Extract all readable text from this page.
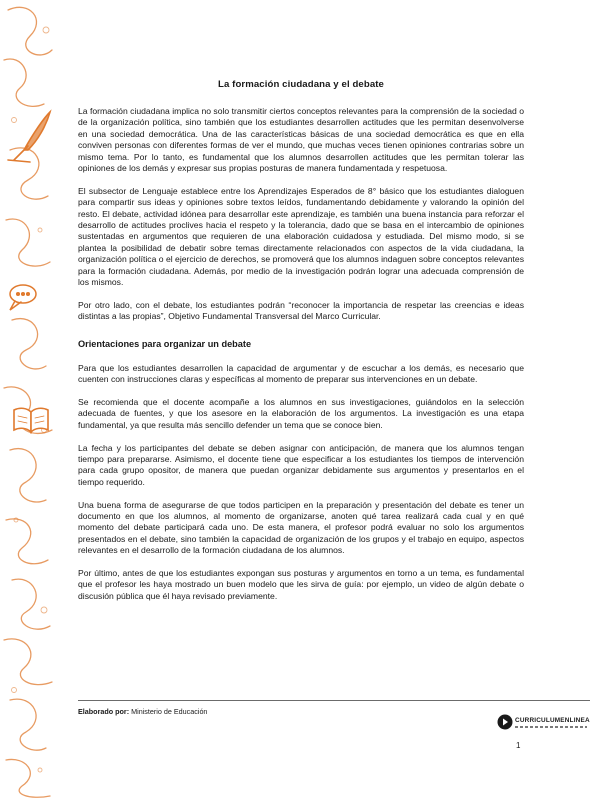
La formación ciudadana y el debate

La formación ciudadana implica no solo transmitir ciertos conceptos relevantes para la comprensión de la sociedad o de la organización política, sino también que los estudiantes desarrollen actitudes que les permitan desenvolverse en una sociedad democrática. Una de las características básicas de una sociedad democrática es que en ella conviven personas con diferentes formas de ver el mundo, que muchas veces tienen opiniones contrarias sobre un mismo tema. Por lo tanto, es fundamental que los alumnos desarrollen actitudes que les permitan tolerar las opiniones de los demás y expresar sus propias posturas de manera fundamentada y respetuosa.

El subsector de Lenguaje establece entre los Aprendizajes Esperados de 8° básico que los estudiantes dialoguen para compartir sus ideas y opiniones sobre textos leídos, fundamentando debidamente y valorando la opinión del resto. El debate, actividad idónea para desarrollar este aprendizaje, es también una buena instancia para reforzar el desarrollo de actitudes proclives hacia el respeto y la tolerancia, dado que se basa en el intercambio de opiniones sustentadas en argumentos que requieren de una elaboración cuidadosa y estudiada. Del mismo modo, si se plantea la posibilidad de debatir sobre temas directamente relacionados con aspectos de la vida ciudadana, la organización política o el ejercicio de derechos, se promoverá que los alumnos indaguen sobre conceptos relevantes para la formación ciudadana. Además, por medio de la investigación podrán lograr una adecuada comprensión de los mismos.

Por otro lado, con el debate, los estudiantes podrán “reconocer la importancia de respetar las creencias e ideas distintas a las propias”, Objetivo Fundamental Transversal del Marco Curricular.

Orientaciones para organizar un debate

Para que los estudiantes desarrollen la capacidad de argumentar y de escuchar a los demás, es necesario que cuenten con instrucciones claras y específicas al momento de preparar sus intervenciones en un debate.

Se recomienda que el docente acompañe a los alumnos en sus investigaciones, guiándolos en la selección adecuada de fuentes, y que los asesore en la elaboración de los argumentos. La investigación es una etapa fundamental, ya que resulta más sencillo defender un tema que se conoce bien.

La fecha y los participantes del debate se deben asignar con anticipación, de manera que los alumnos tengan tiempo para prepararse. Asimismo, el docente tiene que especificar a los estudiantes los tiempos de intervención para cada grupo opositor, de manera que puedan organizar debidamente sus argumentos y presentarlos en el tiempo requerido.

Una buena forma de asegurarse de que todos participen en la preparación y presentación del debate es tener un documento en que los alumnos, al momento de organizarse, anoten qué tarea realizará cada cual y en qué momento del debate participará cada uno. De esta manera, el profesor podrá evaluar no solo los argumentos presentados en el debate, sino también la capacidad de organización de los grupos y el trabajo en equipo, aspectos relevantes en el desarrollo de la formación ciudadana de los alumnos.

Por último, antes de que los estudiantes expongan sus posturas y argumentos en torno a un tema, es fundamental que el profesor les haya mostrado un buen modelo que les sirva de guía: por ejemplo, un video de algún debate o discusión pública que él haya revisado previamente.

Elaborado por: Ministerio de Educación
CURRICULUMENLINEA
1
